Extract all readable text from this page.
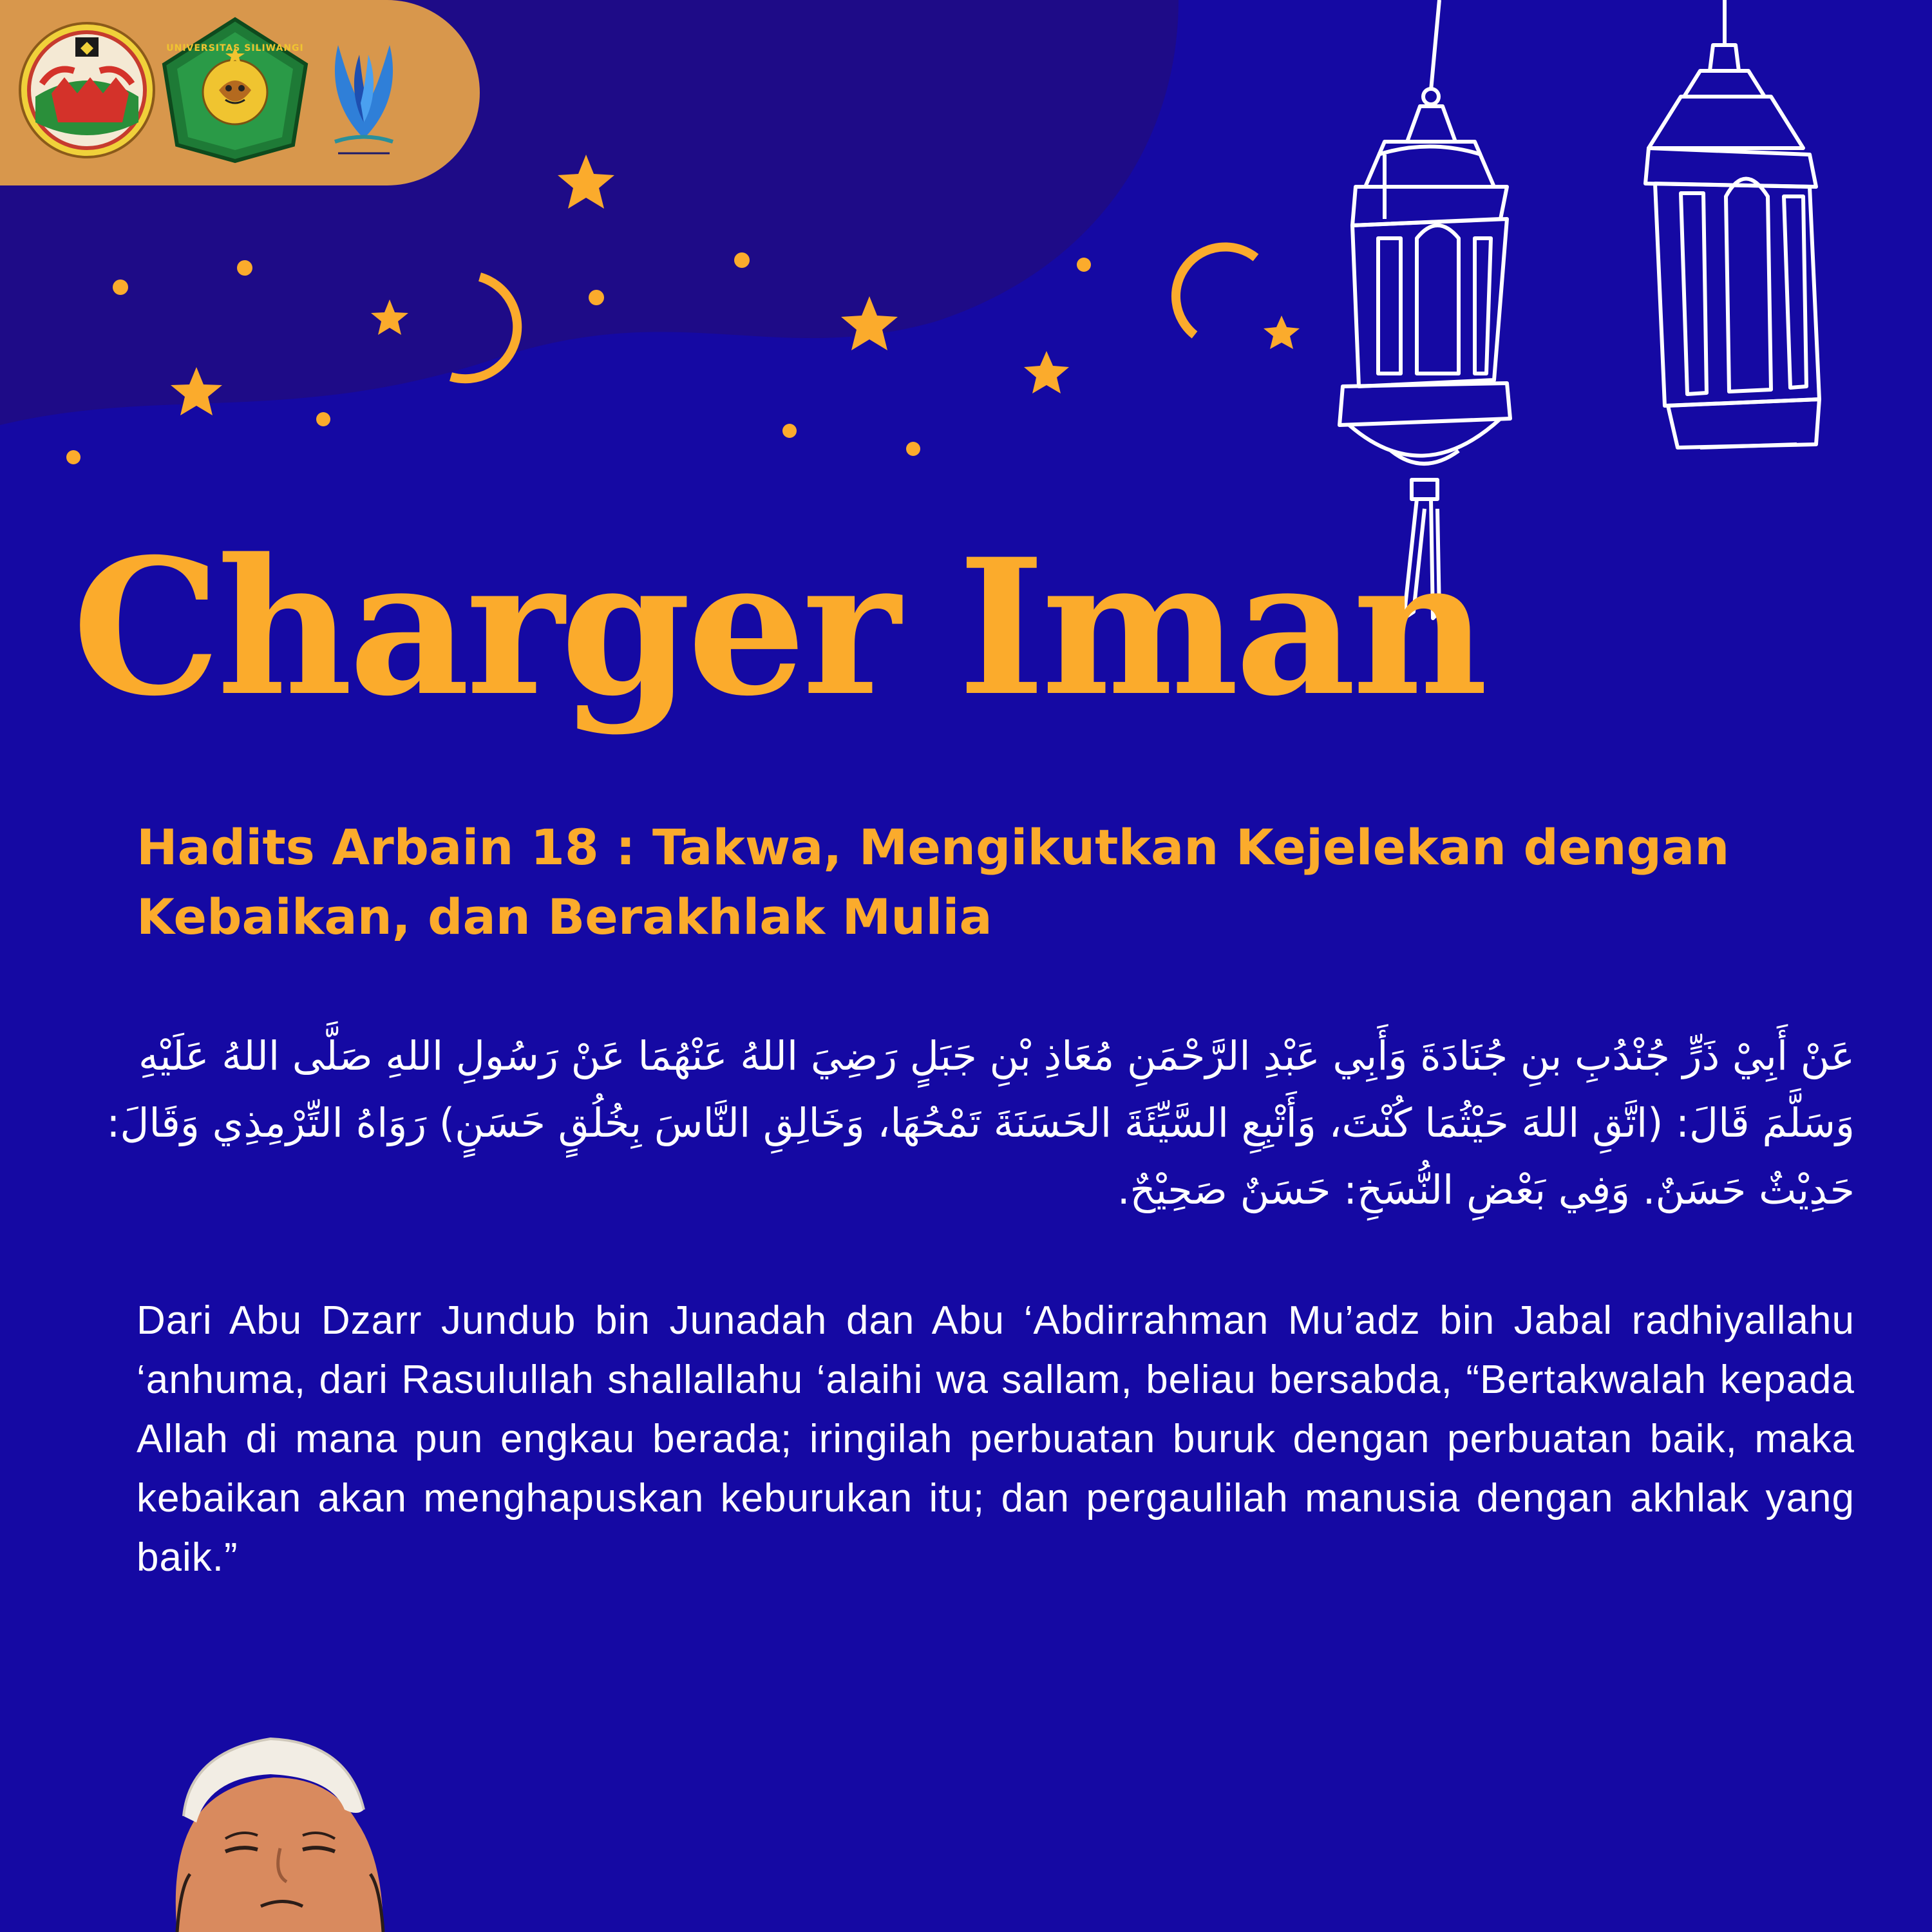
UNIVERSITAS SILIWANGI
Charger Iman
Hadits Arbain 18 : Takwa, Mengikutkan Kejelekan dengan Kebaikan, dan Berakhlak Mulia
عَنْ أَبِيْ ذَرٍّ جُنْدُبِ بنِ جُنَادَةَ وَأَبِي عَبْدِ الرَّحْمَنِ مُعَاذِ بْنِ جَبَلٍ رَضِيَ اللهُ عَنْهُمَا عَنْ رَسُولِ اللهِ صَلَّى اللهُ عَلَيْهِ وَسَلَّمَ قَالَ: (اتَّقِ اللهَ حَيْثُمَا كُنْتَ، وَأَتْبِعِ السَّيِّئَةَ الحَسَنَةَ تَمْحُهَا، وَخَالِقِ النَّاسَ بِخُلُقٍ حَسَنٍ) رَوَاهُ التِّرْمِذِي وَقَالَ: حَدِيْثٌ حَسَنٌ. وَفِي بَعْضِ النُّسَخِ: حَسَنٌ صَحِيْحٌ.
Dari Abu Dzarr Jundub bin Junadah dan Abu ‘Abdirrahman Mu’adz bin Jabal radhiyallahu ‘anhuma, dari Rasulullah shallallahu ‘alaihi wa sallam, beliau bersabda, “Bertakwalah kepada Allah di mana pun engkau berada; iringilah perbuatan buruk dengan perbuatan baik, maka kebaikan akan menghapuskan keburukan itu; dan pergaulilah manusia dengan akhlak yang baik.”
